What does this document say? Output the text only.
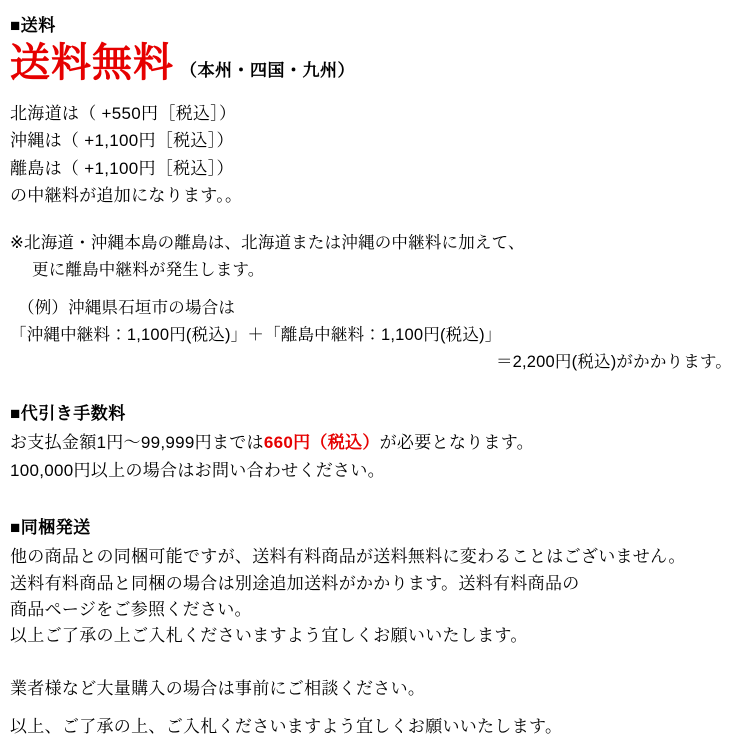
■送料
送料無料 （本州・四国・九州）
北海道は（ +550円［税込］）
沖縄は（ +1,100円［税込］）
離島は（ +1,100円［税込］）
の中継料が追加になります。。
※北海道・沖縄本島の離島は、北海道または沖縄の中継料に加えて、
更に離島中継料が発生します。
（例）沖縄県石垣市の場合は
「沖縄中継料：1,100円(税込)」＋「離島中継料：1,100円(税込)」
＝2,200円(税込)がかかります。
■代引き手数料
お支払金額1円～99,999円までは660円（税込）が必要となります。
100,000円以上の場合はお問い合わせください。
■同梱発送
他の商品との同梱可能ですが、送料有料商品が送料無料に変わることはございません。
送料有料商品と同梱の場合は別途追加送料がかかります。送料有料商品の
商品ページをご参照ください。
以上ご了承の上ご入札くださいますよう宜しくお願いいたします。
業者様など大量購入の場合は事前にご相談ください。
以上、ご了承の上、ご入札くださいますよう宜しくお願いいたします。
